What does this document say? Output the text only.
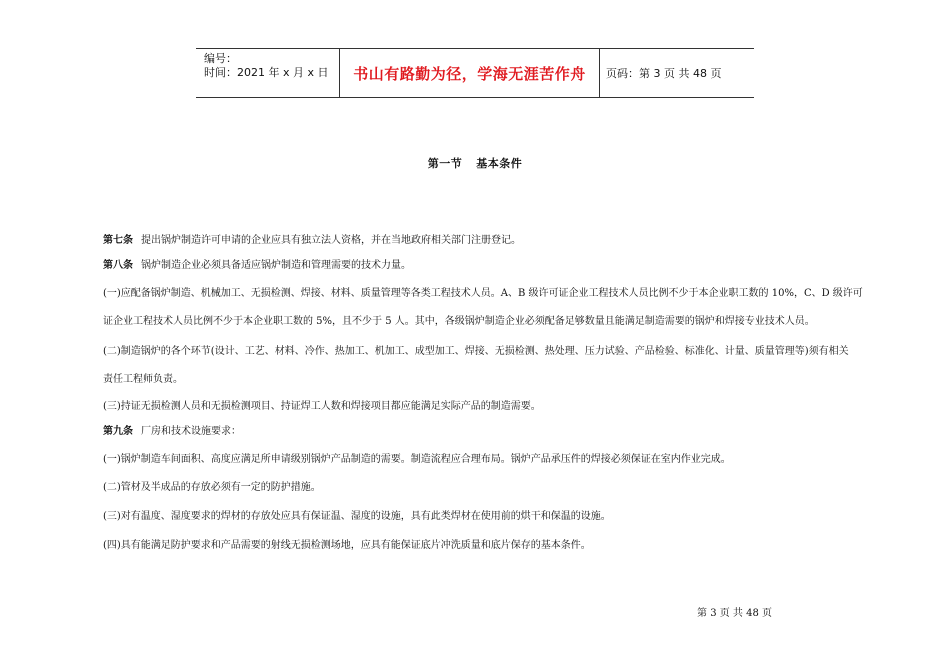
编号：
时间：2021 年 x 月 x 日	书山有路勤为径，学海无涯苦作舟 页码：第 3 页 共 48 页
第一节 基本条件

第七条 提出锅炉制造许可申请的企业应具有独立法人资格，并在当地政府相关部门注册登记。

第八条 锅炉制造企业必须具备适应锅炉制造和管理需要的技术力量。

(一)应配备锅炉制造、机械加工、无损检测、焊接、材料、质量管理等各类工程技术人员。A、B 级许可证企业工程技术人员比例不少于本企业职工数的 10%，C、D 级许可

证企业工程技术人员比例不少于本企业职工数的 5%，且不少于 5 人。其中，各级锅炉制造企业必须配备足够数量且能满足制造需要的锅炉和焊接专业技术人员。

(二)制造锅炉的各个环节(设计、工艺、材料、冷作、热加工、机加工、成型加工、焊接、无损检测、热处理、压力试验、产品检验、标准化、计量、质量管理等)须有相关

责任工程师负责。

(三)持证无损检测人员和无损检测项目、持证焊工人数和焊接项目都应能满足实际产品的制造需要。

第九条 厂房和技术设施要求：

(一)锅炉制造车间面积、高度应满足所申请级别锅炉产品制造的需要。制造流程应合理布局。锅炉产品承压件的焊接必须保证在室内作业完成。

(二)管材及半成品的存放必须有一定的防护措施。

(三)对有温度、湿度要求的焊材的存放处应具有保证温、湿度的设施，具有此类焊材在使用前的烘干和保温的设施。

(四)具有能满足防护要求和产品需要的射线无损检测场地，应具有能保证底片冲洗质量和底片保存的基本条件。

第 3 页 共 48 页
